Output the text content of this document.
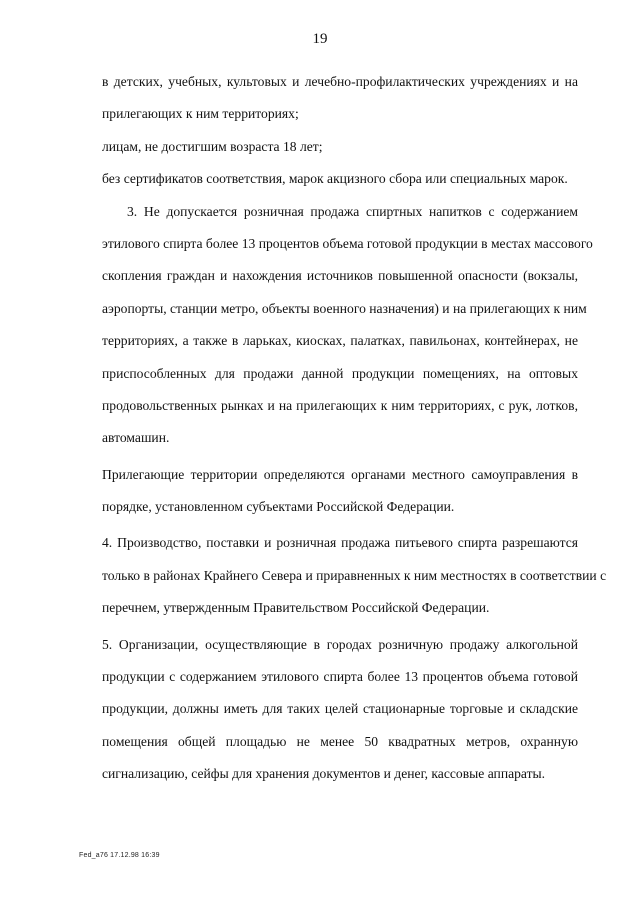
19
в детских, учебных, культовых и лечебно-профилактических учреждениях и на
прилегающих к ним территориях;
лицам, не достигшим возраста 18 лет;
без сертификатов соответствия, марок акцизного сбора или специальных марок.
3. Не допускается розничная продажа спиртных напитков с содержанием
этилового спирта более 13 процентов объема готовой продукции в местах массового
скопления граждан и нахождения источников повышенной опасности (вокзалы,
аэропорты, станции метро, объекты военного назначения) и на прилегающих к ним
территориях, а также в ларьках, киосках, палатках, павильонах, контейнерах, не
приспособленных для продажи данной продукции помещениях, на оптовых
продовольственных рынках и на прилегающих к ним территориях, с рук, лотков,
автомашин.
Прилегающие территории определяются органами местного самоуправления в
порядке, установленном субъектами Российской Федерации.
4. Производство, поставки и розничная продажа питьевого спирта разрешаются
только в районах Крайнего Севера и приравненных к ним местностях в соответствии с
перечнем, утвержденным Правительством Российской Федерации.
5. Организации, осуществляющие в городах розничную продажу алкогольной
продукции с содержанием этилового спирта более 13 процентов объема готовой
продукции, должны иметь для таких целей стационарные торговые и складские
помещения общей площадью не менее 50 квадратных метров, охранную
сигнализацию, сейфы для хранения документов и денег, кассовые аппараты.
Fed_a76 17.12.98 16:39
